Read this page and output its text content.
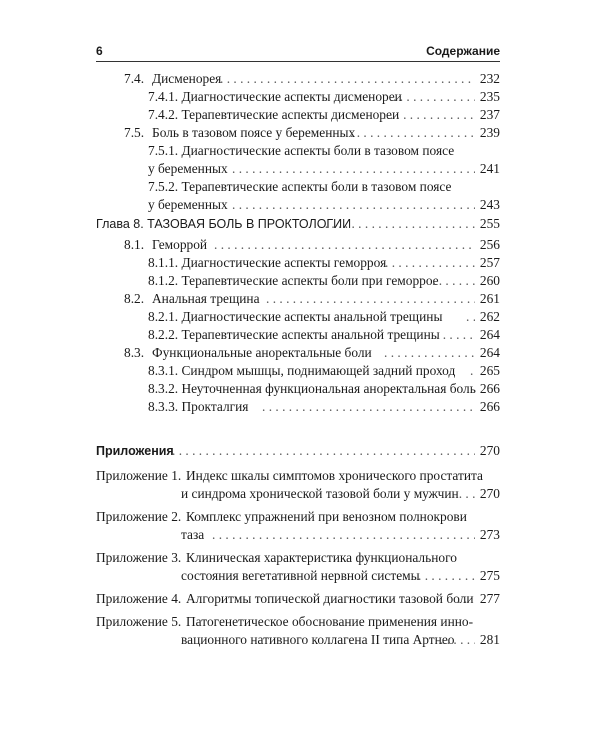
6	Содержание
7.4. Дисменорея . . .	232
7.4.1. Диагностические аспекты дисменореи . . .	235
7.4.2. Терапевтические аспекты дисменореи . . .	237
7.5. Боль в тазовом поясе у беременных . . .	239
7.5.1. Диагностические аспекты боли в тазовом поясе
у беременных . . .	241
7.5.2. Терапевтические аспекты боли в тазовом поясе
у беременных . . .	243
Глава 8. ТАЗОВАЯ БОЛЬ В ПРОКТОЛОГИИ . . .	255
8.1. Геморрой . . .	256
8.1.1. Диагностические аспекты геморроя . . .	257
8.1.2. Терапевтические аспекты боли при геморрое . . .	260
8.2. Анальная трещина . . .	261
8.2.1. Диагностические аспекты анальной трещины . . .	262
8.2.2. Терапевтические аспекты анальной трещины . . .	264
8.3. Функциональные аноректальные боли . . .	264
8.3.1. Синдром мышцы, поднимающей задний проход . . . 265
8.3.2. Неуточненная функциональная аноректальная боль 266
8.3.3. Прокталгия . . .	266
Приложения . . .	270
Приложение 1. Индекс шкалы симптомов хронического простатита
и синдрома хронической тазовой боли у мужчин . . . 270
Приложение 2. Комплекс упражнений при венозном полнокрови
таза . . .	273
Приложение 3. Клиническая характеристика функционального
состояния вегетативной нервной системы . . .	275
Приложение 4. Алгоритмы топической диагностики тазовой боли . . . 277
Приложение 5. Патогенетическое обоснование применения инно-
вационного нативного коллагена II типа Артнео . . . 281
